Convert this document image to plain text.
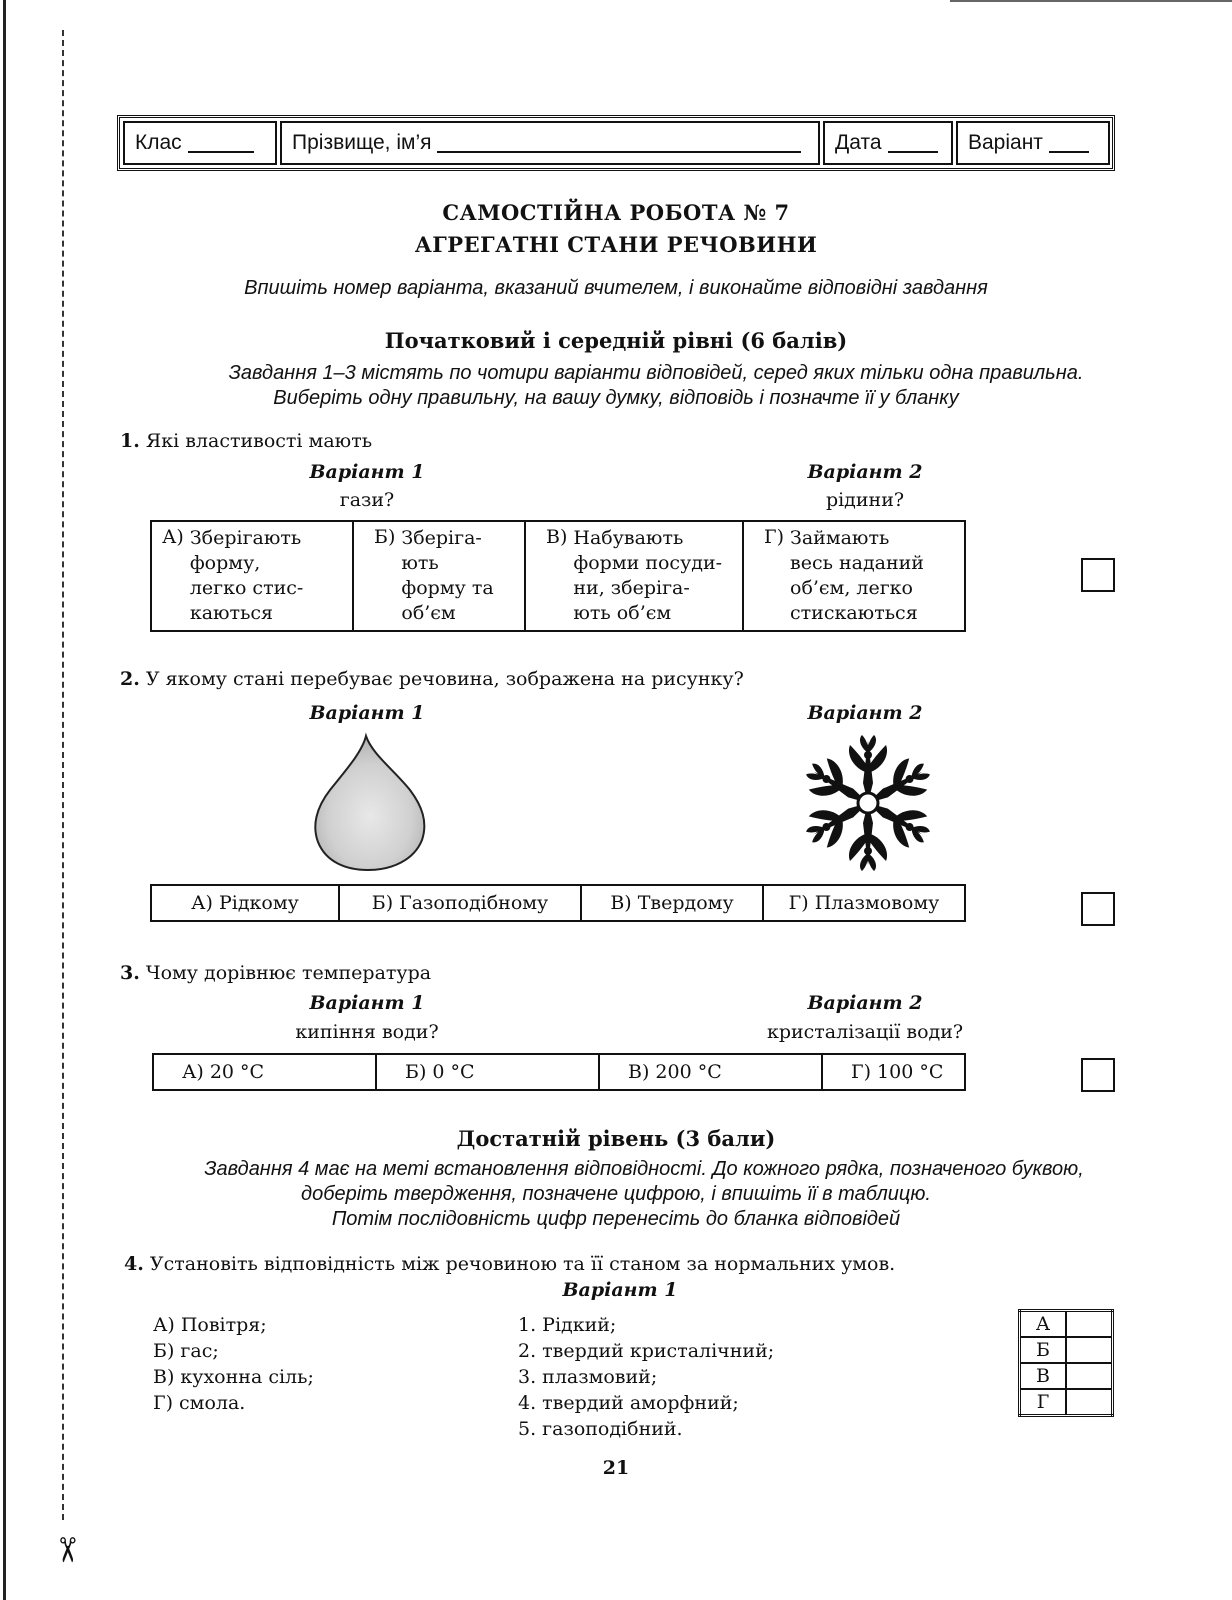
✂
Клас	Прізвище, ім’я	Дата	Варіант
САМОСТІЙНА РОБОТА № 7
АГРЕГАТНІ СТАНИ РЕЧОВИНИ
Впишіть номер варіанта, вказаний вчителем, і виконайте відповідні завдання
Початковий і середній рівні (6 балів)
Завдання 1–3 містять по чотири варіанти відповідей, серед яких тільки одна правильна.
Виберіть одну правильну, на вашу думку, відповідь і позначте її у бланку
1. Які властивості мають
Варіант 1
гази?
Варіант 2
рідини?
А) Зберігають
форму,
легко стис-
каються

Б) Зберіга-
ють
форму та
об’єм

В) Набувають
форми посуди-
ни, зберіга-
ють об’єм

Г) Займають
весь наданий
об’єм, легко
стискаються
2. У якому стані перебуває речовина, зображена на рисунку?
Варіант 1	Варіант 2
А) Рідкому	Б) Газоподібному	В) Твердому	Г) Плазмовому
3. Чому дорівнює температура
Варіант 1
кипіння води?
Варіант 2
кристалізації води?
А) 20 °С	Б) 0 °С	В) 200 °С	Г) 100 °С
Достатній рівень (3 бали)
Завдання 4 має на меті встановлення відповідності. До кожного рядка, позначеного буквою,
доберіть твердження, позначене цифрою, і впишіть її в таблицю.
Потім послідовність цифр перенесіть до бланка відповідей
4. Установіть відповідність між речовиною та її станом за нормальних умов.
Варіант 1
А) Повітря;
Б) гас;
В) кухонна сіль;
Г) смола.
1. Рідкий;
2. твердий кристалічний;
3. плазмовий;
4. твердий аморфний;
5. газоподібний.
А	
Б	
В	
Г	
21
